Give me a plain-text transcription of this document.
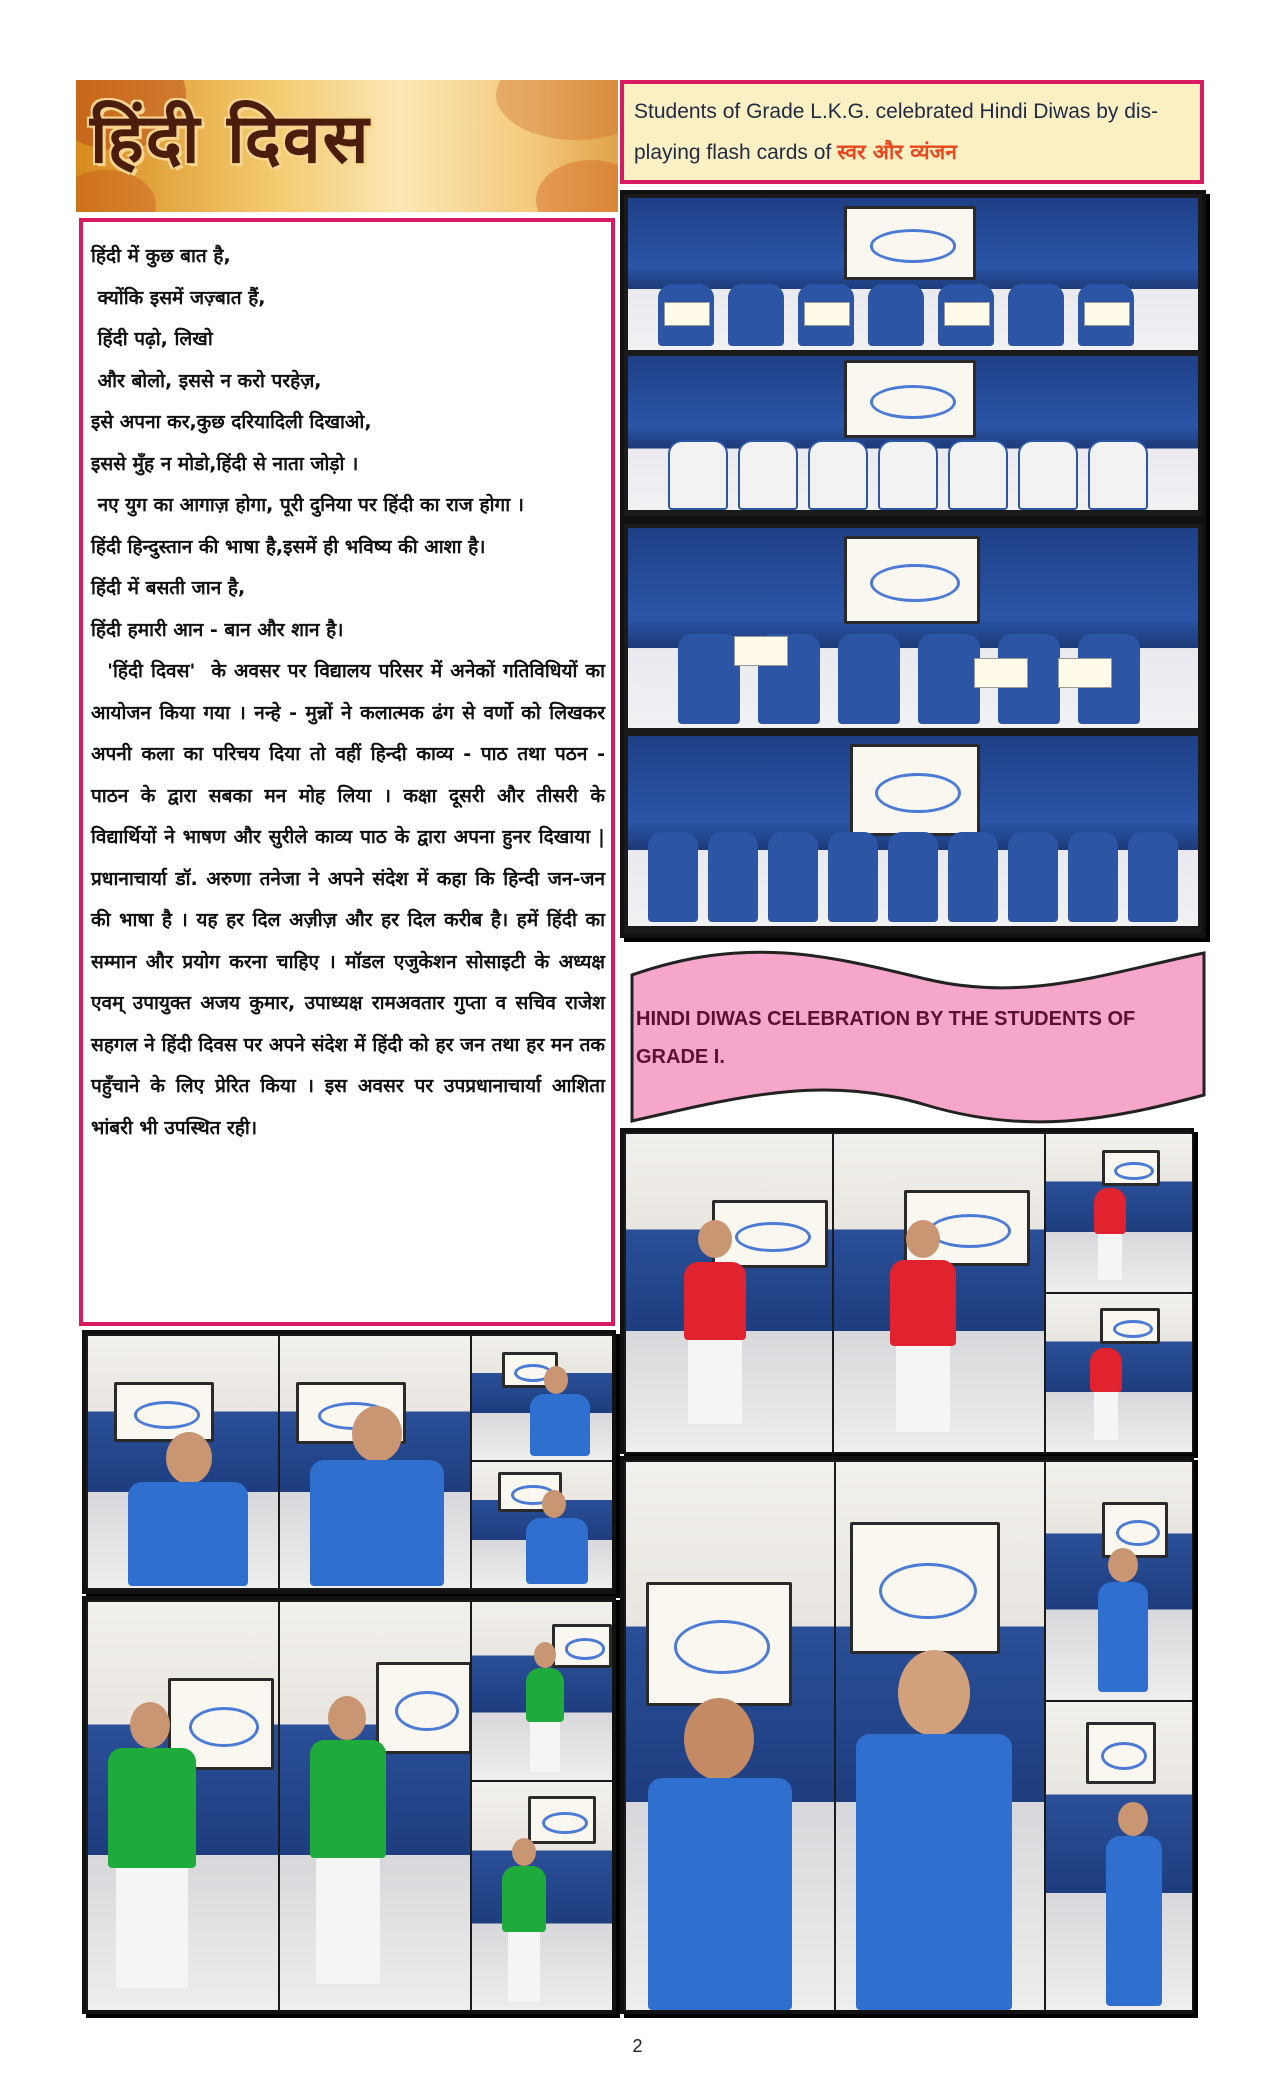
हिंदी दिवस	Students of Grade L.K.G. celebrated Hindi Diwas by dis-playing flash cards of स्वर और व्यंजन

हिंदी में कुछ बात है,

क्योंकि इसमें जज़्बात हैं,

हिंदी पढ़ो, लिखो

और बोलो, इससे न करो परहेज़,

इसे अपना कर,कुछ दरियादिली दिखाओ,

इससे मुँह न मोडो,हिंदी से नाता जोड़ो ।

नए युग का आगाज़ होगा, पूरी दुनिया पर हिंदी का राज होगा ।

हिंदी हिन्दुस्तान की भाषा है,इसमें ही भविष्य की आशा है।

हिंदी में बसती जान है,

हिंदी हमारी आन - बान और शान है।

'हिंदी दिवस'  के अवसर पर विद्यालय परिसर में अनेकों गतिविधियों का आयोजन किया गया । नन्हे - मुन्नों ने कलात्मक ढंग से वर्णो को लिखकर अपनी कला का परिचय दिया तो वहीं हिन्दी काव्य - पाठ तथा पठन - पाठन के द्वारा सबका मन मोह लिया । कक्षा दूसरी और तीसरी के विद्यार्थियों ने भाषण और सुरीले काव्य पाठ के द्वारा अपना हुनर दिखाया | प्रधानाचार्या डॉ. अरुणा तनेजा ने अपने संदेश में कहा कि हिन्दी जन-जन की भाषा है । यह हर दिल अज़ीज़ और हर दिल करीब है। हमें हिंदी का सम्मान और प्रयोग करना चाहिए । मॉडल एजुकेशन सोसाइटी के अध्यक्ष एवम् उपायुक्त अजय कुमार, उपाध्यक्ष रामअवतार गुप्ता व सचिव राजेश सहगल ने हिंदी दिवस पर अपने संदेश में हिंदी को हर जन तथा हर मन तक पहुँचाने के लिए प्रेरित किया । इस अवसर पर उपप्रधानाचार्या आशिता भांबरी भी उपस्थित रही।

HINDI DIWAS CELEBRATION BY THE STUDENTS OF GRADE I.
2
